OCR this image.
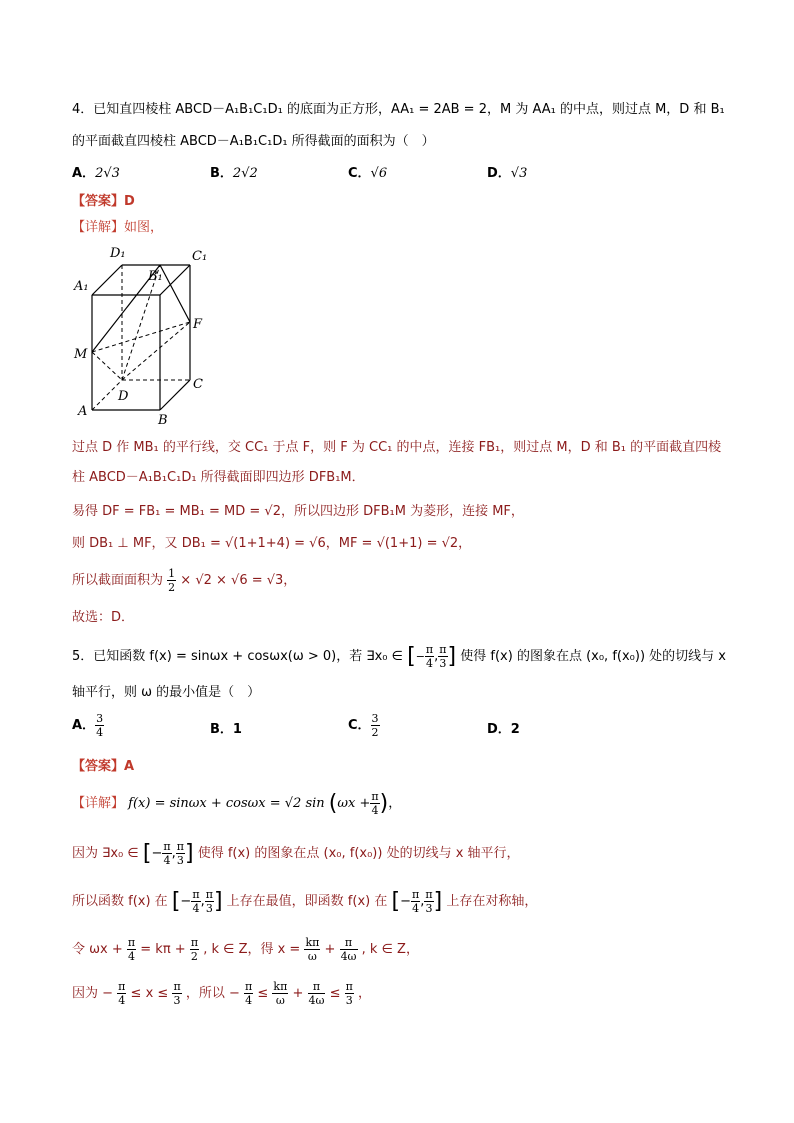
4．已知直四棱柱 ABCD－A₁B₁C₁D₁ 的底面为正方形，AA₁ = 2AB = 2，M 为 AA₁ 的中点，则过点 M，D 和 B₁
的平面截直四棱柱 ABCD－A₁B₁C₁D₁ 所得截面的面积为（　）
A．2√3	B．2√2	C．√6	D．√3
【答案】D
【详解】如图，
D₁	C₁
A₁
B₁
F
M
C
D
A
B
过点 D 作 MB₁ 的平行线，交 CC₁ 于点 F，则 F 为 CC₁ 的中点，连接 FB₁，则过点 M，D 和 B₁ 的平面截直四棱
柱 ABCD－A₁B₁C₁D₁ 所得截面即四边形 DFB₁M．
易得 DF = FB₁ = MB₁ = MD = √2，所以四边形 DFB₁M 为菱形，连接 MF，
则 DB₁ ⊥ MF，又 DB₁ = √(1+1+4) = √6，MF = √(1+1) = √2，
所以截面面积为 $\frac{1}{2} \times √2 \times √6 = √3$，
故选：D．
5．已知函数 f(x) = sinωx + cosωx(ω > 0)，若 ∃x₀ ∈ [− $\frac{\pi}{4}$ , $\frac{\pi}{3}$ ] 使得 f(x) 的图象在点 (x₀, f(x₀)) 处的切线与 x
轴平行，则 ω 的最小值是（　）
A． $\frac{3}{4}$	B．1	C． $\frac{3}{2}$	D．2
【答案】A
【详解】 f(x) = sinωx + cosωx = √2 $\sin (\omega x + \frac{\pi}{4}$ )，
因为 ∃x₀ ∈ [− $\frac{\pi}{4}$ , $\frac{\pi}{3}$ ] 使得 f(x) 的图象在点 (x₀, f(x₀)) 处的切线与 x 轴平行，
所以函数 f(x) 在 [− $\frac{\pi}{4}$ , $\frac{\pi}{3}$ ] 上存在最值，即函数 f(x) 在 [− $\frac{\pi}{4}$ , $\frac{\pi}{3}$ ] 上存在对称轴，
令 $\omega x + \frac{\pi}{4} = k\pi + \frac{\pi}{2}$ , k ∈ Z，得 $x = \frac{k\pi}{\omega} + \frac{\pi}{4\omega}$ , k ∈ Z，
因为 − $\frac{\pi}{4} \le x \le \frac{\pi}{3}$ ，所以 − $\frac{\pi}{4} \le \frac{k\pi}{\omega} + \frac{\pi}{4\omega} \le \frac{\pi}{3}$ ，
